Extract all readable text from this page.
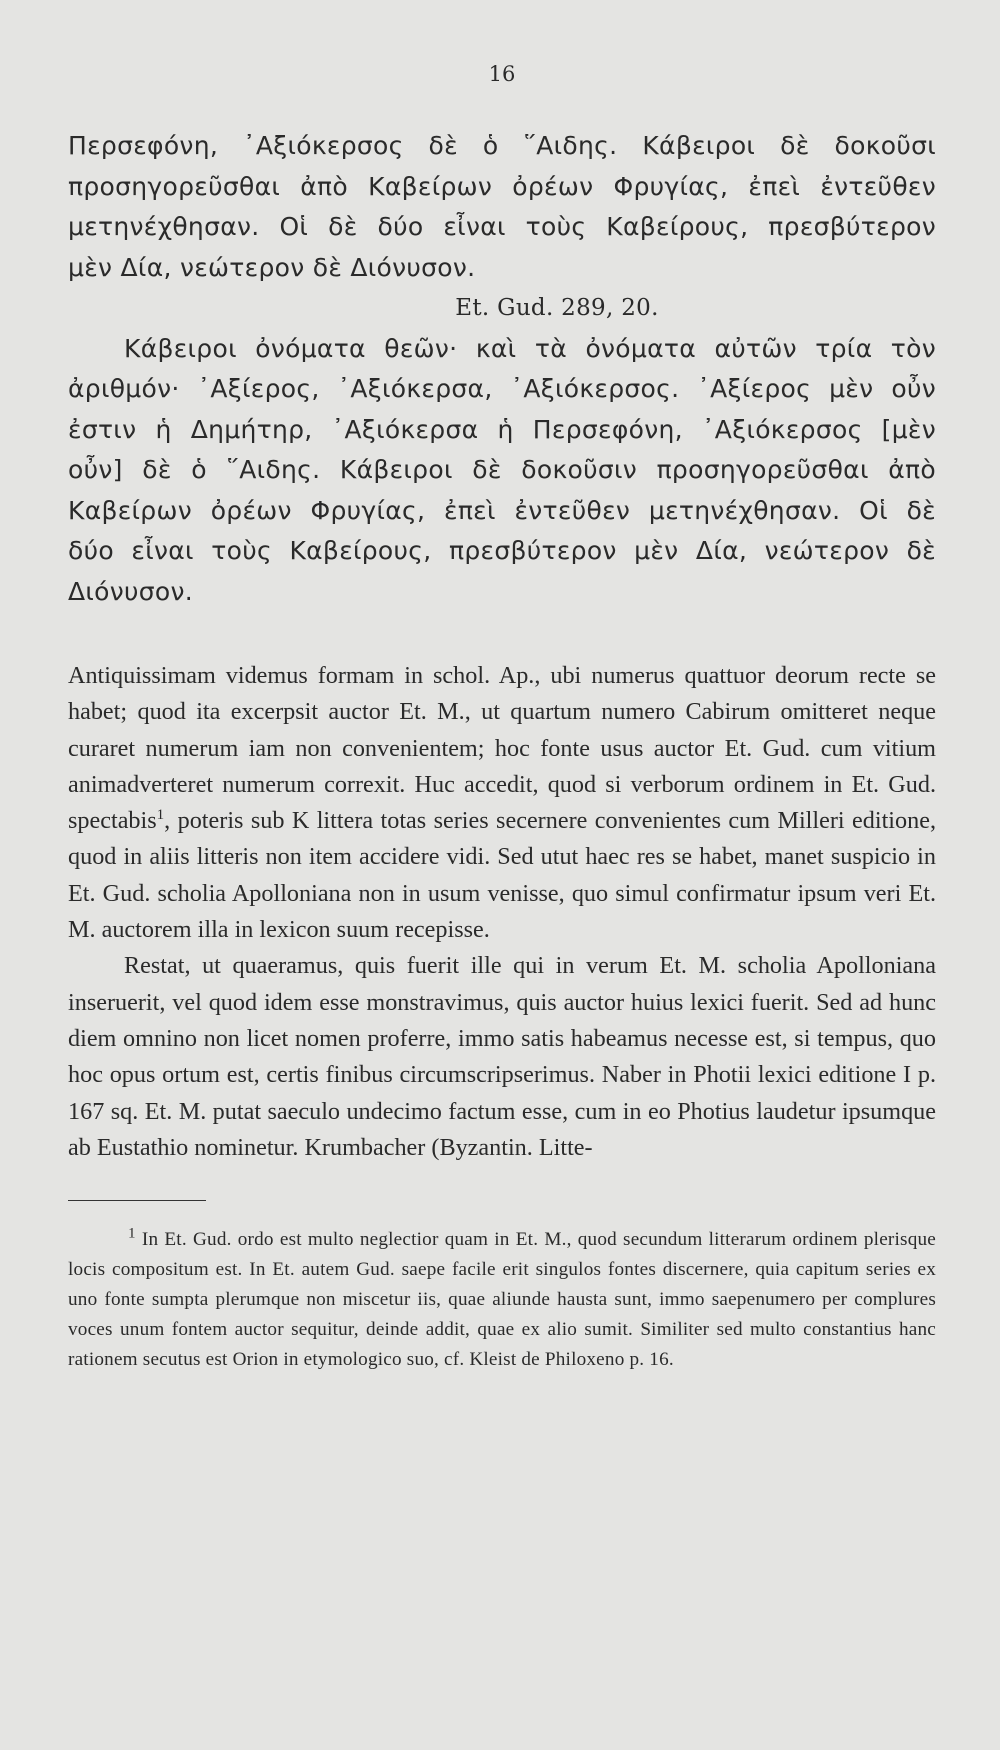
16

Περσεφόνη, ᾿Αξιόκερσος δὲ ὁ ῞Αιδης. Κάβειροι δὲ δοκοῦσι

προσηγορεῦσθαι ἀπὸ Καβείρων ὀρέων Φρυγίας, ἐπεὶ ἐντεῦθεν

μετηνέχθησαν. Οἱ δὲ δύο εἶναι τοὺς Καβείρους, πρεσβύτερον

μὲν Δία, νεώτερον δὲ Διόνυσον.

Et. Gud. 289, 20.

Κάβειροι ὀνόματα θεῶν· καὶ τὰ ὀνόματα αὐτῶν τρία τὸν

ἀριθμόν· ᾿Αξίερος, ᾿Αξιόκερσα, ᾿Αξιόκερσος. ᾿Αξίερος μὲν οὖν

ἐστιν ἡ Δημήτηρ, ᾿Αξιόκερσα ἡ Περσεφόνη, ᾿Αξιόκερσος [μὲν

οὖν] δὲ ὁ ῞Αιδης. Κάβειροι δὲ δοκοῦσιν προσηγορεῦσθαι ἀπὸ

Καβείρων ὀρέων Φρυγίας, ἐπεὶ ἐντεῦθεν μετηνέχθησαν. Οἱ δὲ

δύο εἶναι τοὺς Καβείρους, πρεσβύτερον μὲν Δία, νεώτερον δὲ

Διόνυσον.

Antiquissimam videmus formam in schol. Ap., ubi numerus quattuor deorum recte se habet; quod ita excerpsit auctor Et. M., ut quartum numero Cabirum omitteret neque curaret numerum iam non convenientem; hoc fonte usus auctor Et. Gud. cum vitium animadverteret numerum correxit. Huc accedit, quod si verborum ordinem in Et. Gud. spectabis$^1$, poteris sub K littera totas series secernere convenientes cum Milleri editione, quod in aliis litteris non item accidere vidi. Sed utut haec res se habet, manet suspicio in Et. Gud. scholia Apolloniana non in usum venisse, quo simul confirmatur ipsum veri Et. M. auctorem illa in lexicon suum recepisse.

Restat, ut quaeramus, quis fuerit ille qui in verum Et. M. scholia Apolloniana inseruerit, vel quod idem esse monstravimus, quis auctor huius lexici fuerit. Sed ad hunc diem omnino non licet nomen proferre, immo satis habeamus necesse est, si tempus, quo hoc opus ortum est, certis finibus circumscripserimus. Naber in Photii lexici editione I p. 167 sq. Et. M. putat saeculo undecimo factum esse, cum in eo Photius laudetur ipsumque ab Eustathio nominetur. Krumbacher (Byzantin. Litte-

$^1$ In Et. Gud. ordo est multo neglectior quam in Et. M., quod secundum litterarum ordinem plerisque locis compositum est. In Et. autem Gud. saepe facile erit singulos fontes discernere, quia capitum series ex uno fonte sumpta plerumque non miscetur iis, quae aliunde hausta sunt, immo saepenumero per complures voces unum fontem auctor sequitur, deinde addit, quae ex alio sumit. Similiter sed multo constantius hanc rationem secutus est Orion in etymologico suo, cf. Kleist de Philoxeno p. 16.
